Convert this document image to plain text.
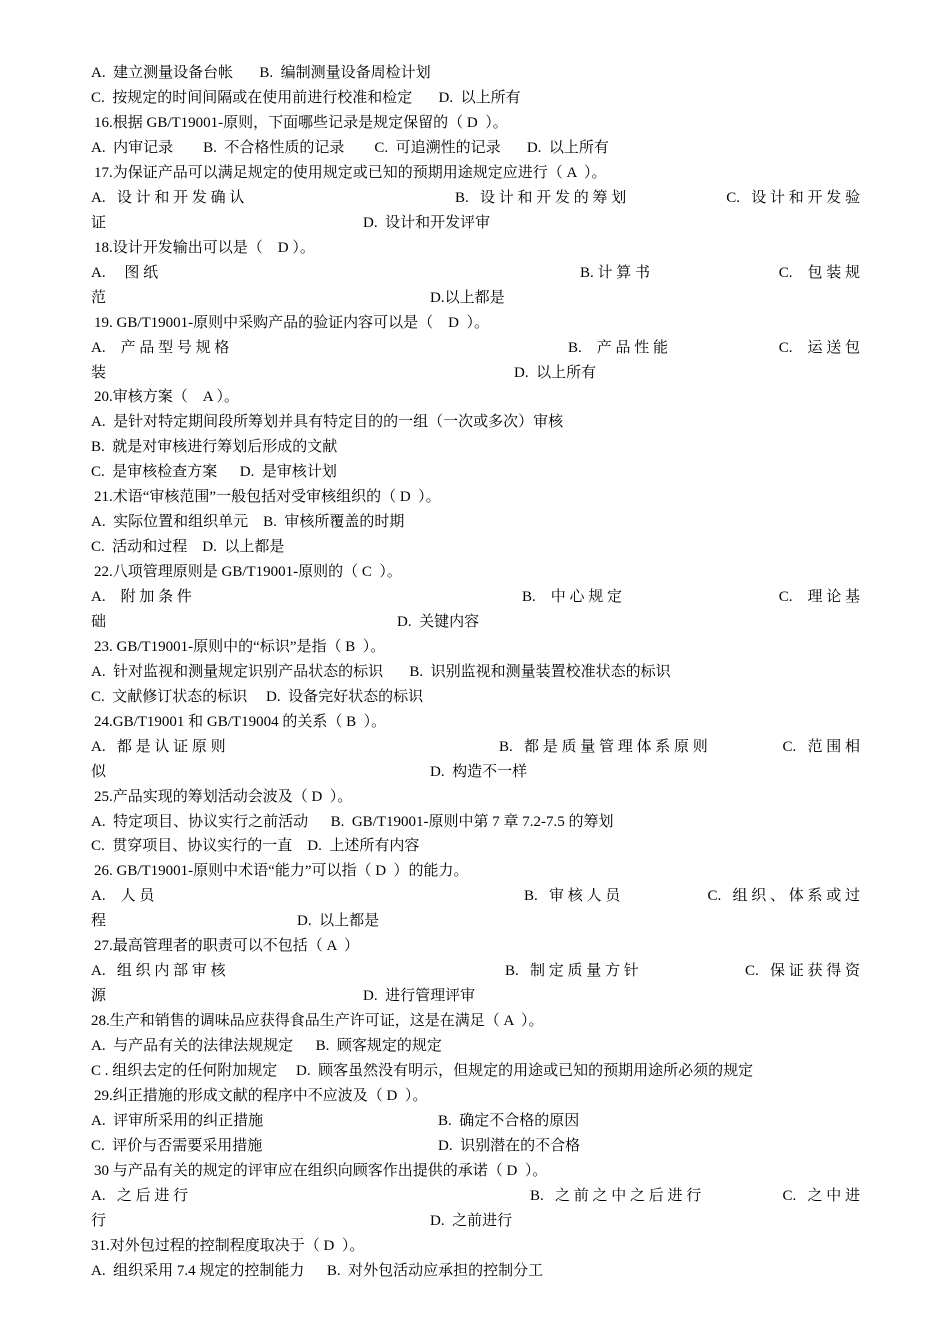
A.  建立测量设备台帐       B.  编制测量设备周检计划
C.  按规定的时间间隔或在使用前进行校准和检定       D.  以上所有
16.根据 GB/T19001-原则，下面哪些记录是规定保留的（ D  ）。
A.  内审记录        B.  不合格性质的记录        C.  可追溯性的记录       D.  以上所有
17.为保证产品可以满足规定的使用规定或已知的预期用途规定应进行（ A  ）。
A.   设 计 和 开 发 确 认	B.   设 计 和 开 发 的 筹 划	C.   设 计 和 开 发 验
证	D.  设计和开发评审
18.设计开发输出可以是（    D ）。
A.     图 纸	B. 计 算 书	C.    包 装 规
范	D.以上都是
19. GB/T19001-原则中采购产品的验证内容可以是（    D  ）。
A.    产 品 型 号 规 格	B.    产 品 性 能	C.    运 送 包
装	D.  以上所有
20.审核方案（    A ）。
A.  是针对特定期间段所筹划并具有特定目的的一组（一次或多次）审核
B.  就是对审核进行筹划后形成的文献
C.  是审核检查方案      D.  是审核计划
21.术语“审核范围”一般包括对受审核组织的（ D  ）。
A.  实际位置和组织单元    B.  审核所覆盖的时期
C.  活动和过程    D.  以上都是
22.八项管理原则是 GB/T19001-原则的（ C  ）。
A.    附 加 条 件	B.    中 心 规 定	C.    理 论 基
础	D.  关键内容
23. GB/T19001-原则中的“标识”是指（ B  ）。
A.  针对监视和测量规定识别产品状态的标识       B.  识别监视和测量装置校准状态的标识
C.  文献修订状态的标识     D.  设备完好状态的标识
24.GB/T19001 和 GB/T19004 的关系（ B  ）。
A.   都 是 认 证 原 则	B.   都 是 质 量 管 理 体 系 原 则	C.   范 围 相
似	D.  构造不一样
25.产品实现的筹划活动会波及（ D  ）。
A.  特定项目、协议实行之前活动      B.  GB/T19001-原则中第 7 章 7.2-7.5 的筹划
C.  贯穿项目、协议实行的一直    D.  上述所有内容
26. GB/T19001-原则中术语“能力”可以指（ D  ）的能力。
A.    人 员	B.   审 核 人 员	C.   组 织 、 体 系 或 过
程	D.  以上都是
27.最高管理者的职责可以不包括（ A  ）
A.   组 织 内 部 审 核	B.   制 定 质 量 方 针	C.   保 证 获 得 资
源	D.  进行管理评审
28.生产和销售的调味品应获得食品生产许可证，这是在满足（ A  ）。
A.  与产品有关的法律法规规定      B.  顾客规定的规定
C . 组织去定的任何附加规定     D.  顾客虽然没有明示，但规定的用途或已知的预期用途所必须的规定
29.纠正措施的形成文献的程序中不应波及（ D  ）。
A.  评审所采用的纠正措施	B.  确定不合格的原因
C.  评价与否需要采用措施	D.  识别潜在的不合格
30 与产品有关的规定的评审应在组织向顾客作出提供的承诺（ D  ）。
A.   之 后 进 行	B.   之 前 之 中 之 后 进 行	C.   之 中 进
行	D.  之前进行
31.对外包过程的控制程度取决于（ D  ）。
A.  组织采用 7.4 规定的控制能力      B.  对外包活动应承担的控制分工
